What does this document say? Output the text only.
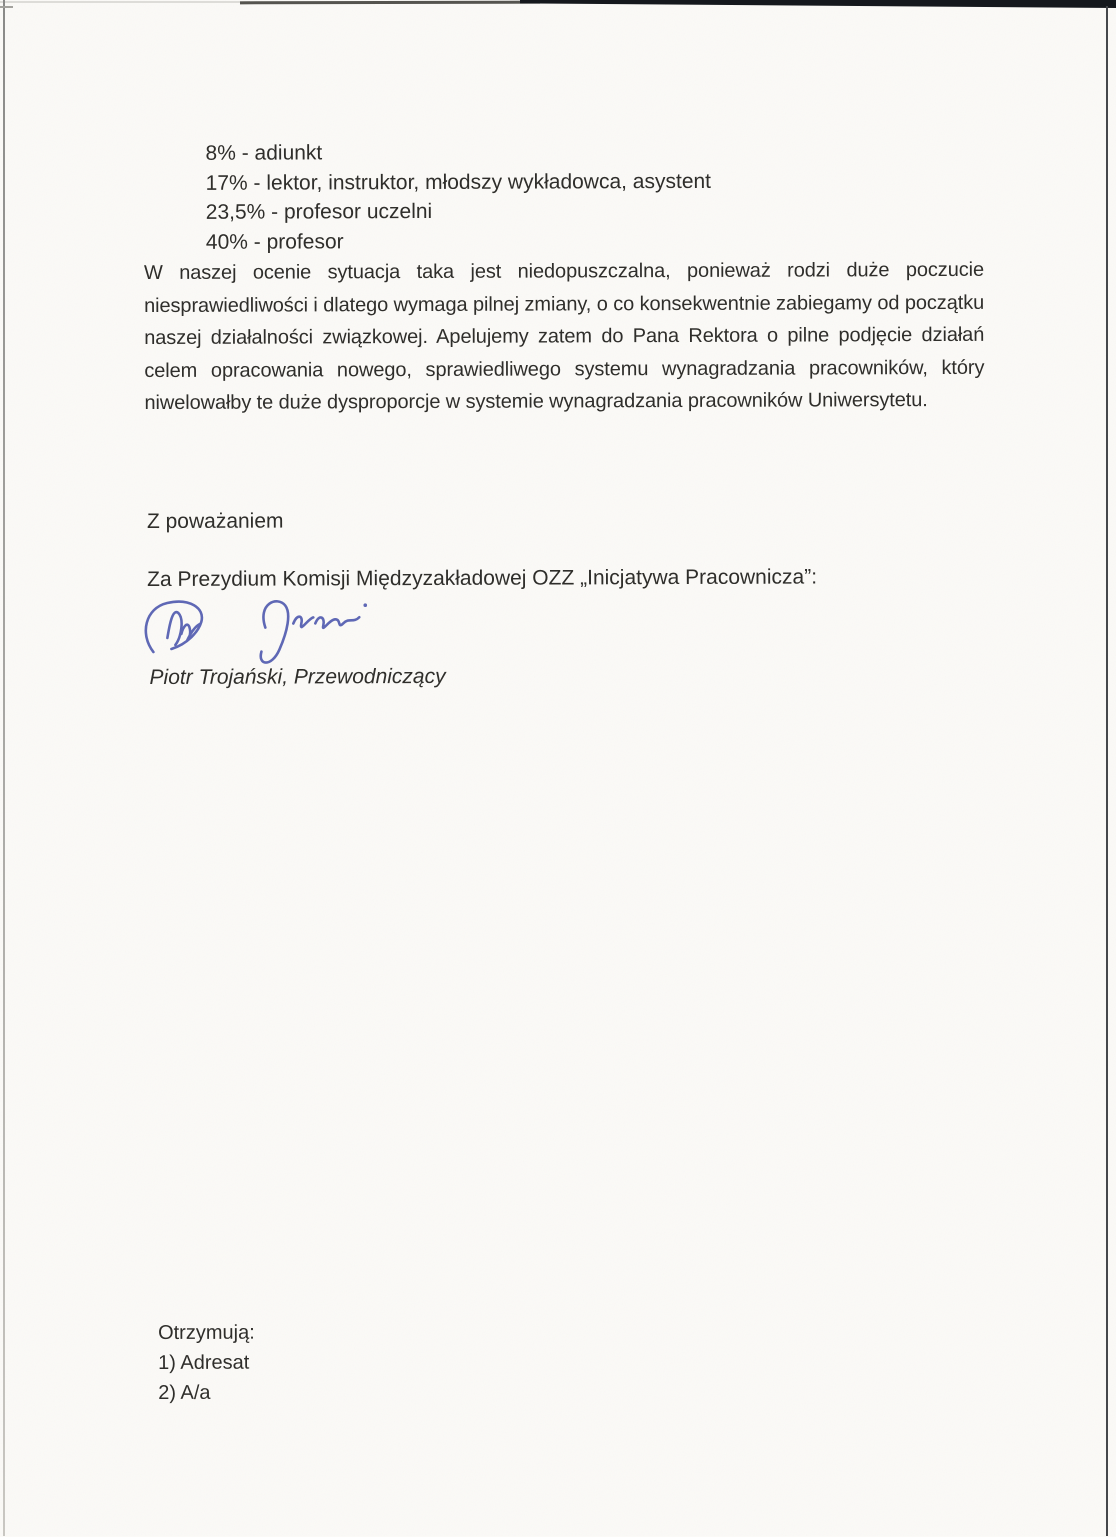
8% - adiunkt
17% - lektor, instruktor, młodszy wykładowca, asystent
23,5% - profesor uczelni
40% - profesor
W naszej ocenie sytuacja taka jest niedopuszczalna, ponieważ rodzi duże poczucie niesprawiedliwości i dlatego wymaga pilnej zmiany, o co konsekwentnie zabiegamy od początku naszej działalności związkowej. Apelujemy zatem do Pana Rektora o pilne podjęcie działań celem opracowania nowego, sprawiedliwego systemu wynagradzania pracowników, który niwelowałby te duże dysproporcje w systemie wynagradzania pracowników Uniwersytetu.
Z poważaniem
Za Prezydium Komisji Międzyzakładowej OZZ „Inicjatywa Pracownicza”:
Piotr Trojański, Przewodniczący
Otrzymują:
1) Adresat
2) A/a
